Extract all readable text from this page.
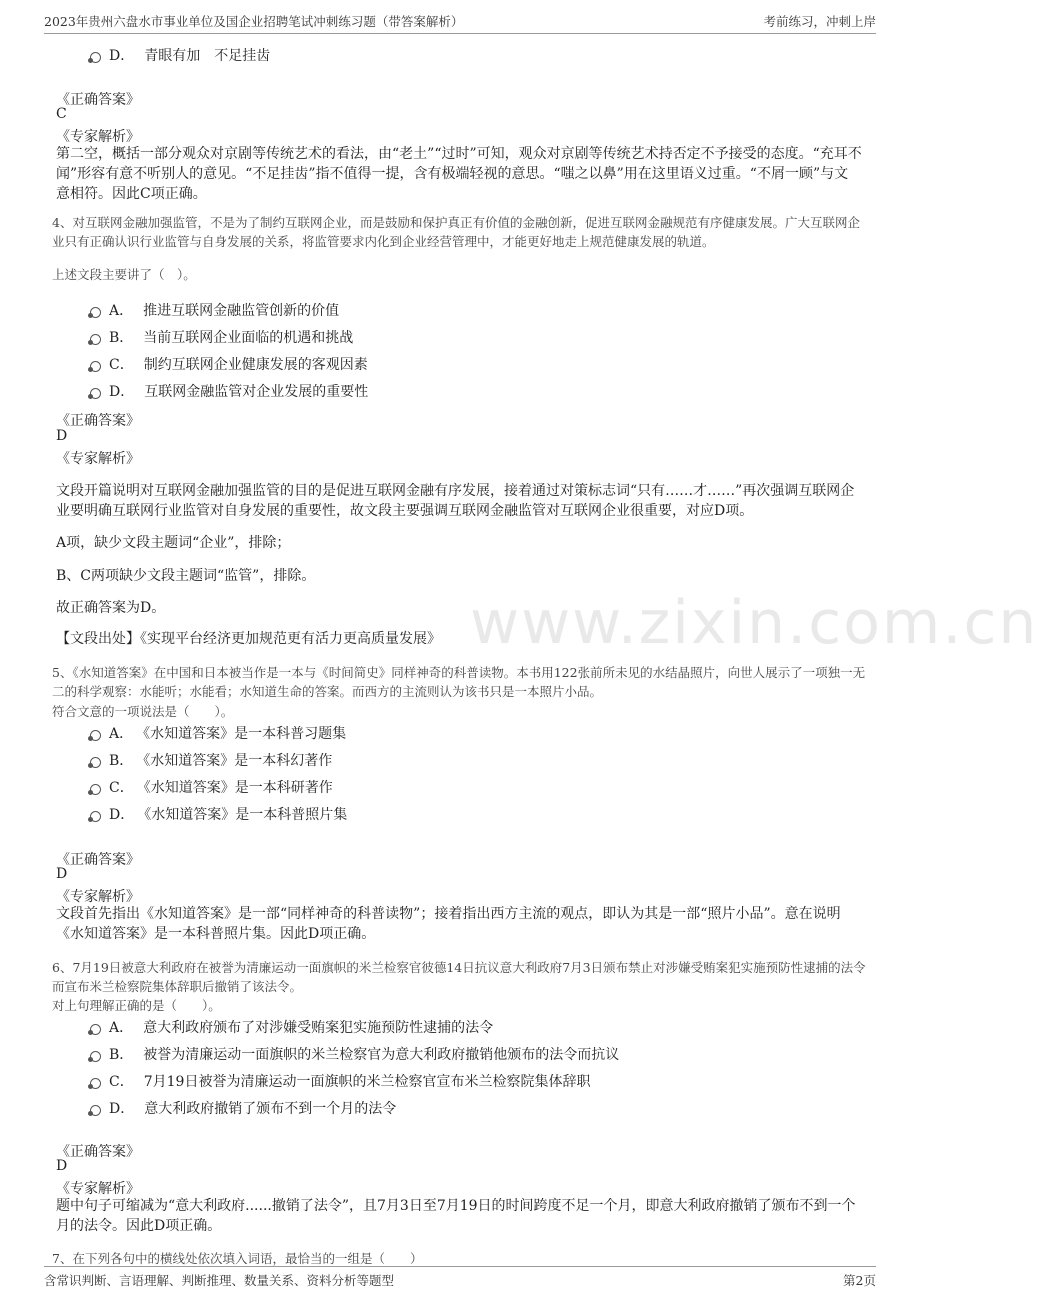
2023年贵州六盘水市事业单位及国企业招聘笔试冲刺练习题（带答案解析）	考前练习，冲刺上岸
www.zixin.com.cn
D． 青眼有加　不足挂齿
《正确答案》
C
《专家解析》
第二空，概括一部分观众对京剧等传统艺术的看法，由“老土”“过时”可知，观众对京剧等传统艺术持否定不予接受的态度。“充耳不闻”形容有意不听别人的意见。“不足挂齿”指不值得一提，含有极端轻视的意思。“嗤之以鼻”用在这里语义过重。“不屑一顾”与文意相符。因此C项正确。
4、对互联网金融加强监管，不是为了制约互联网企业，而是鼓励和保护真正有价值的金融创新，促进互联网金融规范有序健康发展。广大互联网企业只有正确认识行业监管与自身发展的关系，将监管要求内化到企业经营管理中，才能更好地走上规范健康发展的轨道。
上述文段主要讲了（　）。
A． 推进互联网金融监管创新的价值
B． 当前互联网企业面临的机遇和挑战
C． 制约互联网企业健康发展的客观因素
D． 互联网金融监管对企业发展的重要性
《正确答案》
D
《专家解析》
文段开篇说明对互联网金融加强监管的目的是促进互联网金融有序发展，接着通过对策标志词“只有……才……”再次强调互联网企业要明确互联网行业监管对自身发展的重要性，故文段主要强调互联网金融监管对互联网企业很重要，对应D项。
A项，缺少文段主题词“企业”，排除；
B、C两项缺少文段主题词“监管”，排除。
故正确答案为D。
【文段出处】《实现平台经济更加规范更有活力更高质量发展》
5、《水知道答案》在中国和日本被当作是一本与《时间简史》同样神奇的科普读物。本书用122张前所未见的水结晶照片，向世人展示了一项独一无二的科学观察：水能听；水能看；水知道生命的答案。而西方的主流则认为该书只是一本照片小品。
符合文意的一项说法是（　　）。
A． 《水知道答案》是一本科普习题集
B． 《水知道答案》是一本科幻著作
C． 《水知道答案》是一本科研著作
D． 《水知道答案》是一本科普照片集
《正确答案》
D
《专家解析》
文段首先指出《水知道答案》是一部“同样神奇的科普读物”；接着指出西方主流的观点，即认为其是一部“照片小品”。意在说明《水知道答案》是一本科普照片集。因此D项正确。
6、7月19日被意大利政府在被誉为清廉运动一面旗帜的米兰检察官彼德14日抗议意大利政府7月3日颁布禁止对涉嫌受贿案犯实施预防性逮捕的法令而宣布米兰检察院集体辞职后撤销了该法令。
对上句理解正确的是（　　）。
A． 意大利政府颁布了对涉嫌受贿案犯实施预防性逮捕的法令
B． 被誉为清廉运动一面旗帜的米兰检察官为意大利政府撤销他颁布的法令而抗议
C． 7月19日被誉为清廉运动一面旗帜的米兰检察官宣布米兰检察院集体辞职
D． 意大利政府撤销了颁布不到一个月的法令
《正确答案》
D
《专家解析》
题中句子可缩减为“意大利政府......撤销了法令”，且7月3日至7月19日的时间跨度不足一个月，即意大利政府撤销了颁布不到一个月的法令。因此D项正确。
7、在下列各句中的横线处依次填入词语，最恰当的一组是（　　）
含常识判断、言语理解、判断推理、数量关系、资料分析等题型	第2页
